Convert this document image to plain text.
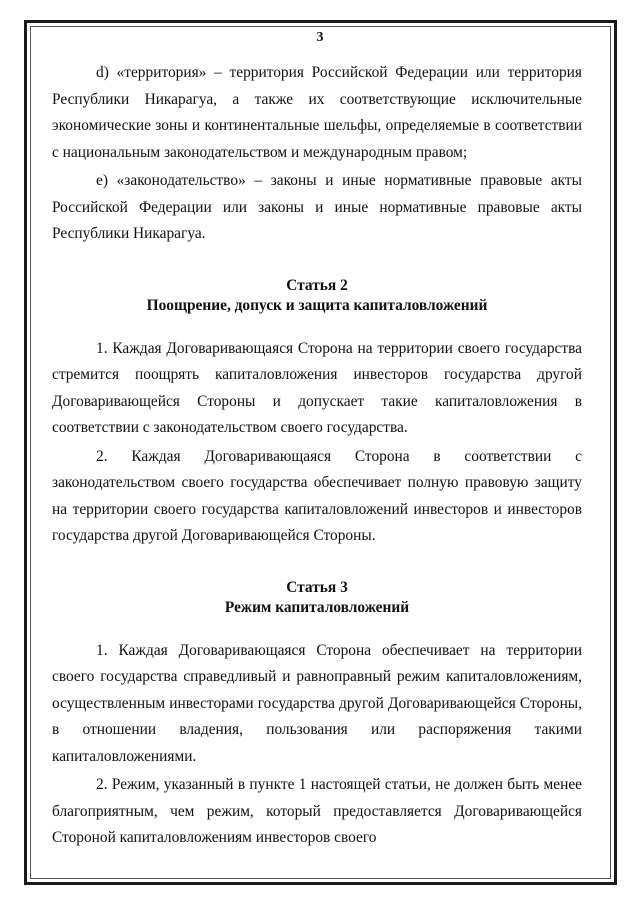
3

d) «территория» – территория Российской Федерации или территория Республики Никарагуа, а также их соответствующие исключительные экономические зоны и континентальные шельфы, определяемые в соответствии с национальным законодательством и международным правом;

e) «законодательство» – законы и иные нормативные правовые акты Российской Федерации или законы и иные нормативные правовые акты Республики Никарагуа.

Статья 2

Поощрение, допуск и защита капиталовложений

1. Каждая Договаривающаяся Сторона на территории своего государства стремится поощрять капиталовложения инвесторов государства другой Договаривающейся Стороны и допускает такие капиталовложения в соответствии с законодательством своего государства.

2. Каждая Договаривающаяся Сторона в соответствии с законодательством своего государства обеспечивает полную правовую защиту на территории своего государства капиталовложений инвесторов и инвесторов государства другой Договаривающейся Стороны.

Статья 3

Режим капиталовложений

1. Каждая Договаривающаяся Сторона обеспечивает на территории своего государства справедливый и равноправный режим капиталовложениям, осуществленным инвесторами государства другой Договаривающейся Стороны, в отношении владения, пользования или распоряжения такими капиталовложениями.

2. Режим, указанный в пункте 1 настоящей статьи, не должен быть менее благоприятным, чем режим, который предоставляется Договаривающейся Стороной капиталовложениям инвесторов своего
